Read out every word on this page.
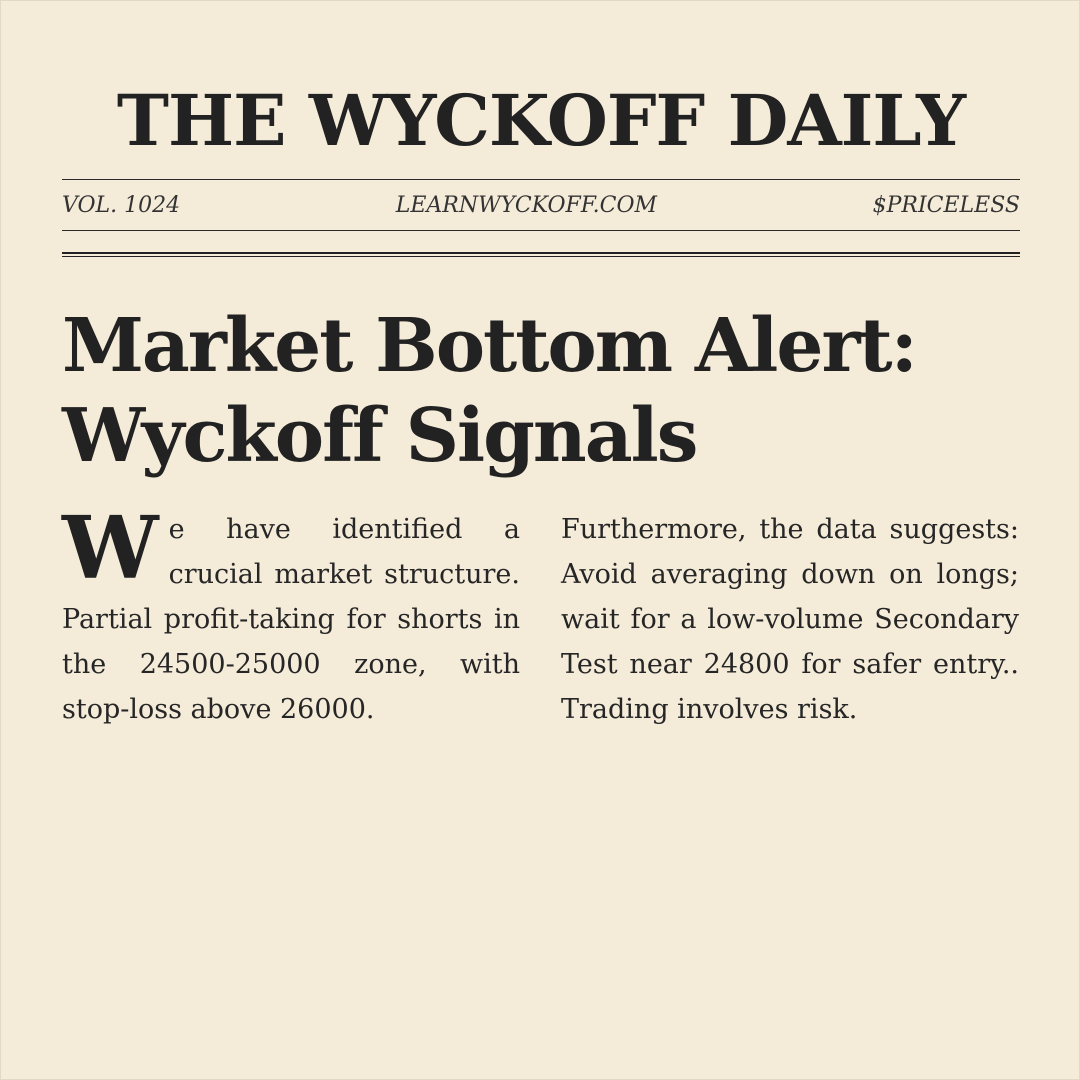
THE WYCKOFF DAILY
VOL. 1024	LEARNWYCKOFF.COM	$PRICELESS
Market Bottom Alert:
Wyckoff Signals

We have identified a crucial market structure. Partial profit-taking for shorts in the 24500-25000 zone, with stop-loss above 26000.

Furthermore, the data suggests: Avoid averaging down on longs; wait for a low-volume Secondary Test near 24800 for safer entry.. Trading involves risk.
